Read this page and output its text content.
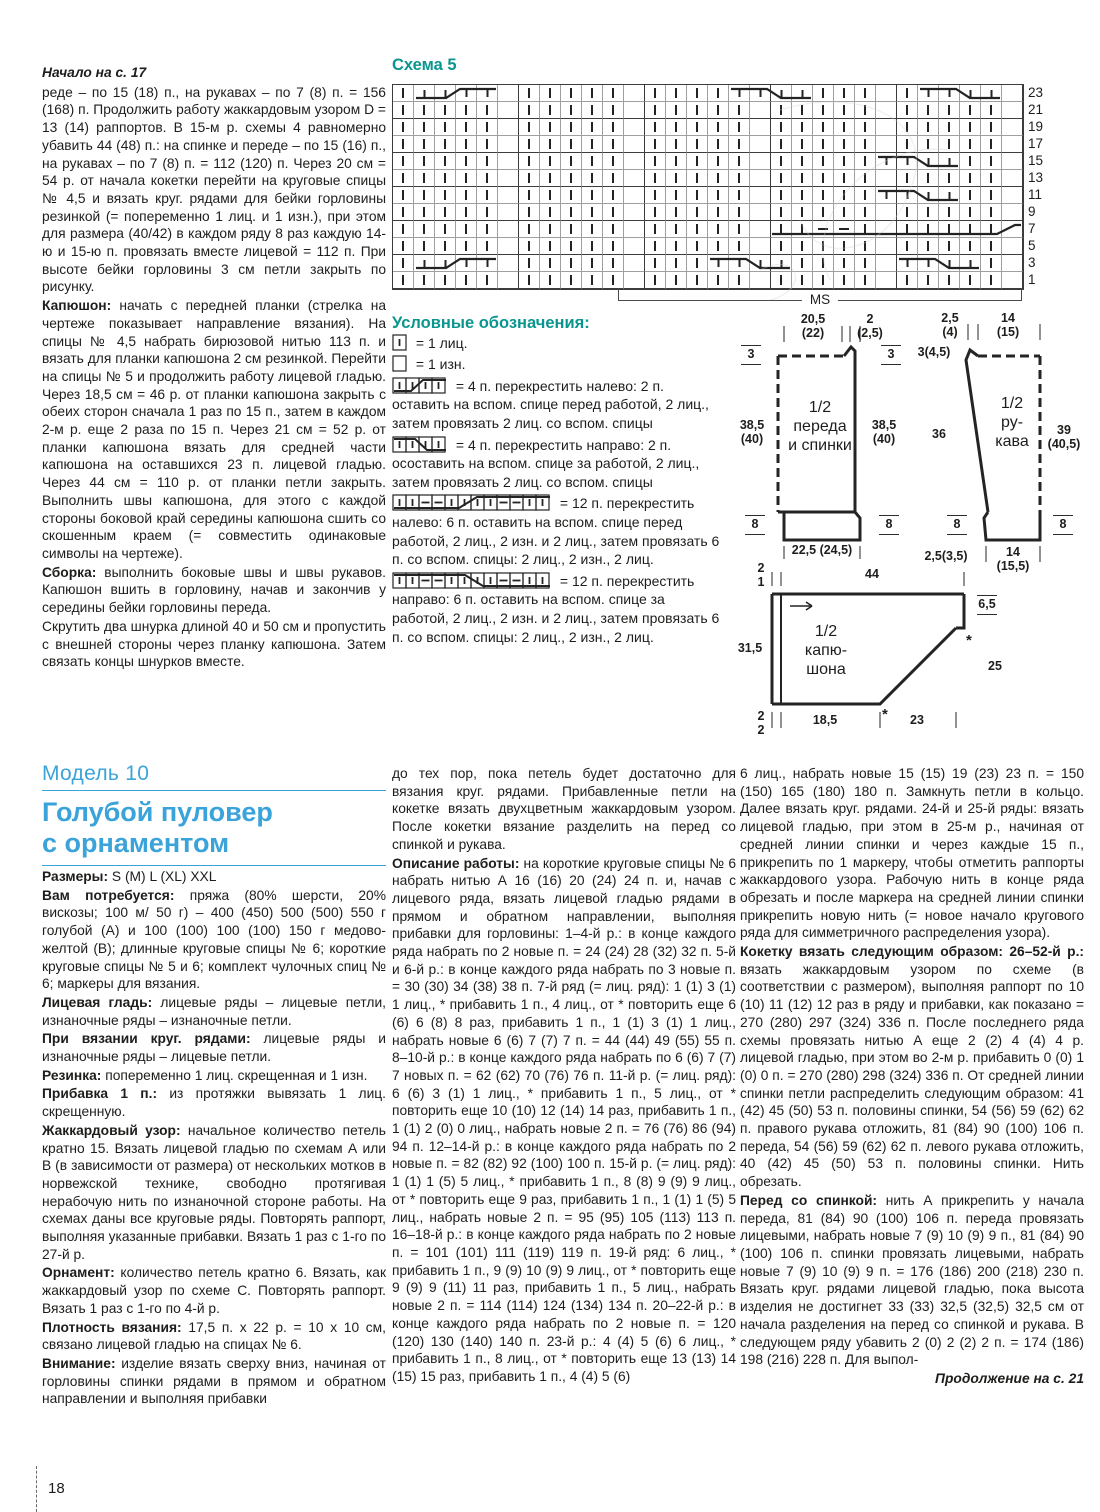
Начало на с. 17

реде – по 15 (18) п., на рукавах – по 7 (8) п. = 156 (168) п. Продолжить работу жаккардовым узором D = 13 (14) раппортов. В 15-м р. схемы 4 равномерно убавить 44 (48) п.: на спинке и переде – по 15 (16) п., на рукавах – по 7 (8) п. = 112 (120) п. Через 20 см = 54 р. от начала кокетки перейти на круговые спицы № 4,5 и вязать круг. рядами для бейки горловины резинкой (= попеременно 1 лиц. и 1 изн.), при этом для размера (40/42) в каждом ряду 8 раз каждую 14-ю и 15-ю п. провязать вместе лицевой = 112 п. При высоте бейки горловины 3 см петли закрыть по рисунку.

Капюшон: начать с передней планки (стрелка на чертеже показывает направление вязания). На спицы № 4,5 набрать бирюзовой нитью 113 п. и вязать для планки капюшона 2 см резинкой. Перейти на спицы № 5 и продолжить работу лицевой гладью. Через 18,5 см = 46 р. от планки капюшона закрыть с обеих сторон сначала 1 раз по 15 п., затем в каждом 2-м р. еще 2 раза по 15 п. Через 21 см = 52 р. от планки капюшона вязать для средней части капюшона на оставшихся 23 п. лицевой гладью. Через 44 см = 110 р. от планки петли закрыть. Выполнить швы капюшона, для этого с каждой стороны боковой край середины капюшона сшить со скошенным краем (= совместить одинаковые символы на чертеже).

Сборка: выполнить боковые швы и швы рукавов. Капюшон вшить в горловину, начав и закончив у середины бейки горловины переда.

Скрутить два шнурка длиной 40 и 50 см и пропустить с внешней стороны через планку капюшона. Затем связать концы шнурков вместе.

Схема 5
23
21
19
17
15
13
11
9
7
5
3
1
MS
Условные обозначения:

= 1 лиц.

= 1 изн.

= 4 п. перекрестить налево: 2 п. оставить на вспом. спице перед работой, 2 лиц., затем провязать 2 лиц. со вспом. спицы

= 4 п. перекрестить направо: 2 п. осоставить на вспом. спице за работой, 2 лиц., затем провязать 2 лиц. со вспом. спицы

= 12 п. перекрестить налево: 6 п. оставить на вспом. спице перед работой, 2 лиц., 2 изн. и 2 лиц., затем провязать 6 п. со вспом. спицы: 2 лиц., 2 изн., 2 лиц.

= 12 п. перекрестить направо: 6 п. оставить на вспом. спице за работой, 2 лиц., 2 изн. и 2 лиц., затем провязать 6 п. со вспом. спицы: 2 лиц., 2 изн., 2 лиц.

20,5
(22)
2
(2,5)
3	3
38,5
(40)
38,5
(40)
1/2
переда
и спинки
8	8
22,5 (24,5)
2,5
(4)
14
(15)
3(4,5)
36	39
(40,5)
1/2
ру-
кава
8	8
2,5(3,5)	14
(15,5)
2
1
44
6,5
31,5
1/2
капю-
шона
*
*
25
2
2
18,5	23

Модель 10

Голубой пуловер
с орнаментом

Размеры: S (M) L (XL) XXL

Вам потребуется: пряжа (80% шерсти, 20% вискозы; 100 м/ 50 г) – 400 (450) 500 (500) 550 г голубой (А) и 100 (100) 100 (100) 150 г медово-желтой (В); длинные круговые спицы № 6; короткие круговые спицы № 5 и 6; комплект чулочных спиц № 6; маркеры для вязания.

Лицевая гладь: лицевые ряды – лицевые петли, изнаночные ряды – изнаночные петли.

При вязании круг. рядами: лицевые ряды и изнаночные ряды – лицевые петли.

Резинка: попеременно 1 лиц. скрещенная и 1 изн.

Прибавка 1 п.: из протяжки вывязать 1 лиц. скрещенную.

Жаккардовый узор: начальное количество петель кратно 15. Вязать лицевой гладью по схемам А или В (в зависимости от размера) от нескольких мотков в норвежской технике, свободно протягивая нерабочую нить по изнаночной стороне работы. На схемах даны все круговые ряды. Повторять раппорт, выполняя указанные прибавки. Вязать 1 раз с 1-го по 27-й р.

Орнамент: количество петель кратно 6. Вязать, как жаккардовый узор по схеме С. Повторять раппорт. Вязать 1 раз с 1-го по 4-й р.

Плотность вязания: 17,5 п. x 22 р. = 10 x 10 см, связано лицевой гладью на спицах № 6.

Внимание: изделие вязать сверху вниз, начиная от горловины спинки рядами в прямом и обратном направлении и выполняя прибавки

до тех пор, пока петель будет достаточно для вязания круг. рядами. Прибавленные петли на кокетке вязать двухцветным жаккардовым узором. После кокетки вязание разделить на перед со спинкой и рукава.

Описание работы: на короткие круговые спицы № 6 набрать нитью А 16 (16) 20 (24) 24 п. и, начав с лицевого ряда, вязать лицевой гладью рядами в прямом и обратном направлении, выполняя прибавки для горловины: 1–4-й р.: в конце каждого ряда набрать по 2 новые п. = 24 (24) 28 (32) 32 п. 5-й и 6-й р.: в конце каждого ряда набрать по 3 новые п. = 30 (30) 34 (38) 38 п. 7-й ряд (= лиц. ряд): 1 (1) 3 (1) 1 лиц., * прибавить 1 п., 4 лиц., от * повторить еще 6 (6) 6 (8) 8 раз, прибавить 1 п., 1 (1) 3 (1) 1 лиц., набрать новые 6 (6) 7 (7) 7 п. = 44 (44) 49 (55) 55 п. 8–10-й р.: в конце каждого ряда набрать по 6 (6) 7 (7) 7 новых п. = 62 (62) 70 (76) 76 п. 11-й р. (= лиц. ряд): 6 (6) 3 (1) 1 лиц., * прибавить 1 п., 5 лиц., от * повторить еще 10 (10) 12 (14) 14 раз, прибавить 1 п., 1 (1) 2 (0) 0 лиц., набрать новые 2 п. = 76 (76) 86 (94) 94 п. 12–14-й р.: в конце каждого ряда набрать по 2 новые п. = 82 (82) 92 (100) 100 п. 15-й р. (= лиц. ряд): 1 (1) 1 (5) 5 лиц., * прибавить 1 п., 8 (8) 9 (9) 9 лиц., от * повторить еще 9 раз, прибавить 1 п., 1 (1) 1 (5) 5 лиц., набрать новые 2 п. = 95 (95) 105 (113) 113 п. 16–18-й р.: в конце каждого ряда набрать по 2 новые п. = 101 (101) 111 (119) 119 п. 19-й ряд: 6 лиц., * прибавить 1 п., 9 (9) 10 (9) 9 лиц., от * повторить еще 9 (9) 9 (11) 11 раз, прибавить 1 п., 5 лиц., набрать новые 2 п. = 114 (114) 124 (134) 134 п. 20–22-й р.: в конце каждого ряда набрать по 2 новые п. = 120 (120) 130 (140) 140 п. 23-й р.: 4 (4) 5 (6) 6 лиц., * прибавить 1 п., 8 лиц., от * повторить еще 13 (13) 14 (15) 15 раз, прибавить 1 п., 4 (4) 5 (6)

6 лиц., набрать новые 15 (15) 19 (23) 23 п. = 150 (150) 165 (180) 180 п. Замкнуть петли в кольцо. Далее вязать круг. рядами. 24-й и 25-й ряды: вязать лицевой гладью, при этом в 25-м р., начиная от средней линии спинки и через каждые 15 п., прикрепить по 1 маркеру, чтобы отметить раппорты жаккардового узора. Рабочую нить в конце ряда обрезать и после маркера на средней линии спинки прикрепить новую нить (= новое начало кругового ряда для симметричного распределения узора).

Кокетку вязать следующим образом: 26–52-й р.: вязать жаккардовым узором по схеме (в соответствии с размером), выполняя раппорт по 10 (10) 11 (12) 12 раз в ряду и прибавки, как показано = 270 (280) 297 (324) 336 п. После последнего ряда схемы провязать нитью А еще 2 (2) 4 (4) 4 р. лицевой гладью, при этом во 2-м р. прибавить 0 (0) 1 (0) 0 п. = 270 (280) 298 (324) 336 п. От средней линии спинки петли распределить следующим образом: 41 (42) 45 (50) 53 п. половины спинки, 54 (56) 59 (62) 62 п. правого рукава отложить, 81 (84) 90 (100) 106 п. переда, 54 (56) 59 (62) 62 п. левого рукава отложить, 40 (42) 45 (50) 53 п. половины спинки. Нить обрезать.

Перед со спинкой: нить А прикрепить у начала переда, 81 (84) 90 (100) 106 п. переда провязать лицевыми, набрать новые 7 (9) 10 (9) 9 п., 81 (84) 90 (100) 106 п. спинки провязать лицевыми, набрать новые 7 (9) 10 (9) 9 п. = 176 (186) 200 (218) 230 п. Вязать круг. рядами лицевой гладью, пока высота изделия не достигнет 33 (33) 32,5 (32,5) 32,5 см от начала разделения на перед со спинкой и рукава. В следующем ряду убавить 2 (0) 2 (2) 2 п. = 174 (186) 198 (216) 228 п. Для выпол-

Продолжение на с. 21

18
